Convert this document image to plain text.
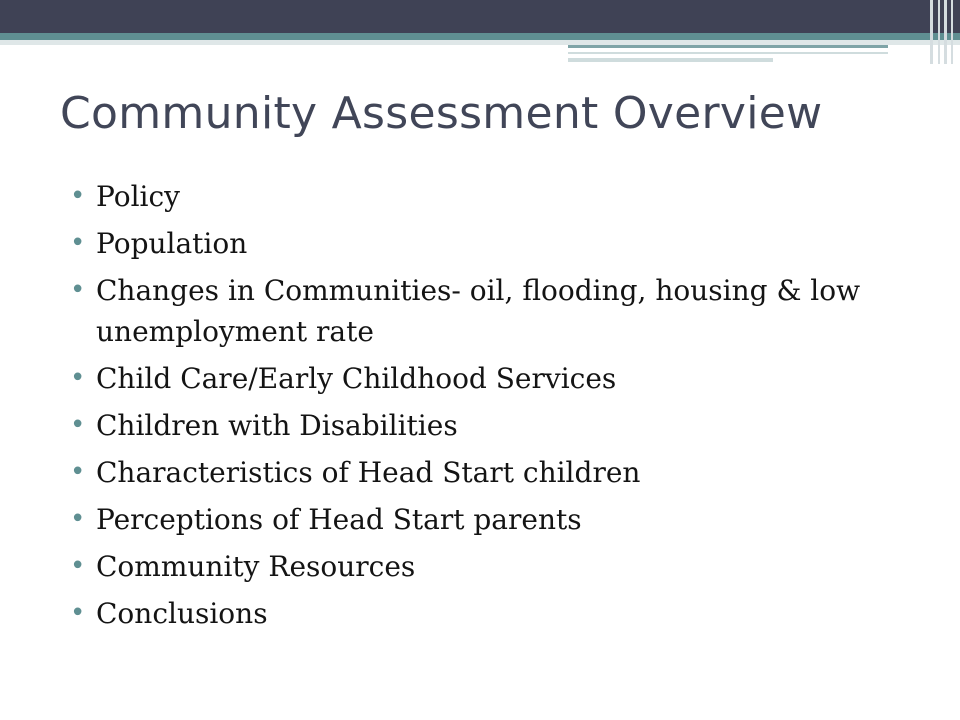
Community Assessment Overview
• Policy
• Population
• Changes in Communities- oil, flooding, housing & low unemployment rate
• Child Care/Early Childhood Services
• Children with Disabilities
• Characteristics of Head Start children
• Perceptions of Head Start parents
• Community Resources
• Conclusions
